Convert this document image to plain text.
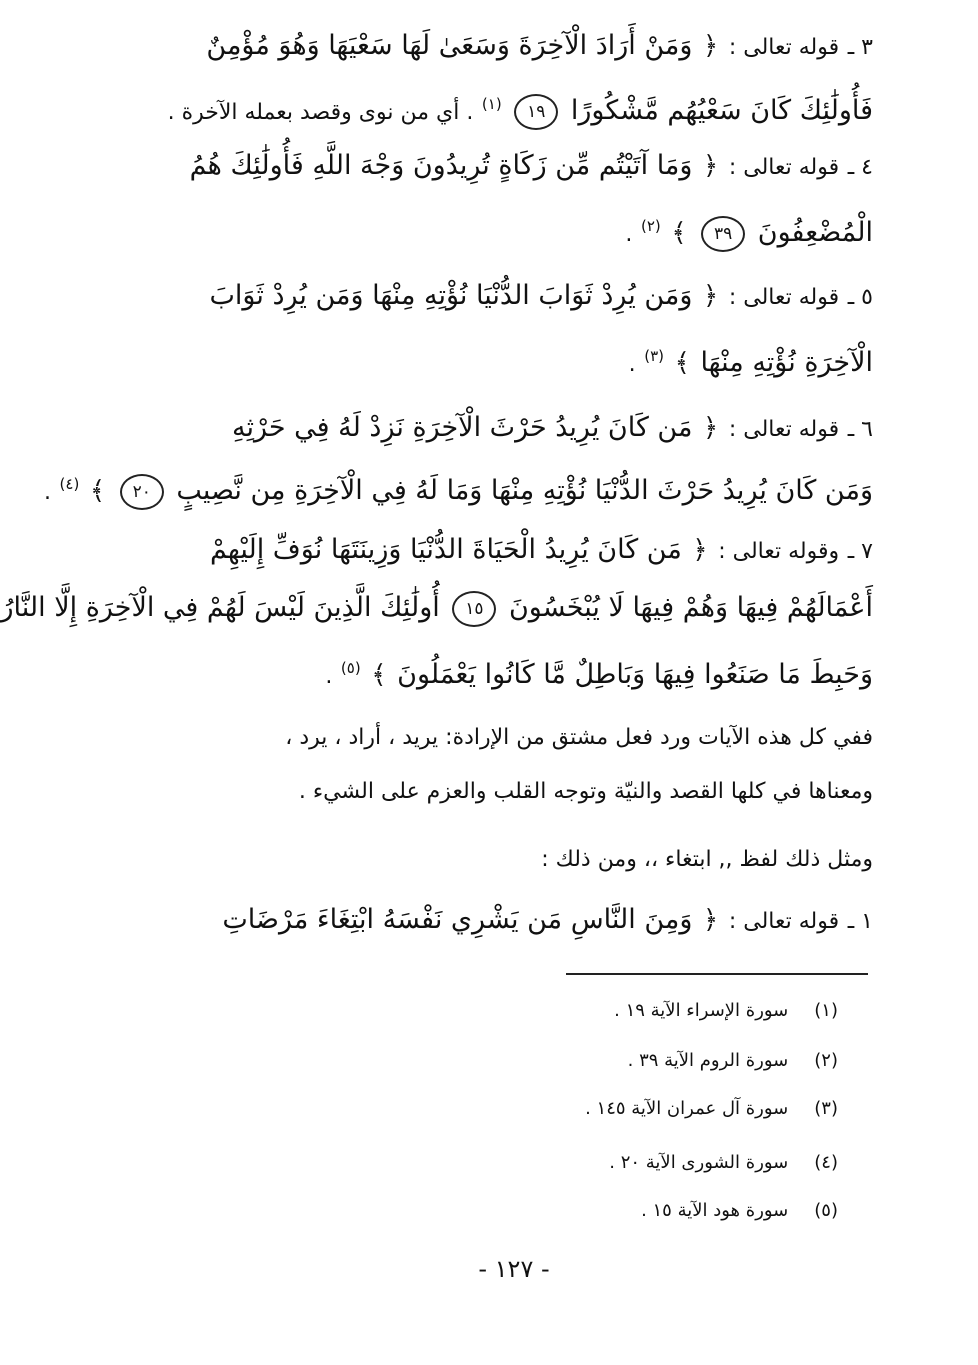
٣ ـ قوله تعالى : ﴿ وَمَنْ أَرَادَ الْآخِرَةَ وَسَعَىٰ لَهَا سَعْيَهَا وَهُوَ مُؤْمِنٌ
فَأُولَٰئِكَ كَانَ سَعْيُهُم مَّشْكُورًا ١٩ $^{(١)}$ . أي من نوى وقصد بعمله الآخرة .
٤ ـ قوله تعالى : ﴿ وَمَا آتَيْتُم مِّن زَكَاةٍ تُرِيدُونَ وَجْهَ اللَّهِ فَأُولَٰئِكَ هُمُ
الْمُضْعِفُونَ ٣٩ ﴾ $^{(٢)}$ .
٥ ـ قوله تعالى : ﴿ وَمَن يُرِدْ ثَوَابَ الدُّنْيَا نُؤْتِهِ مِنْهَا وَمَن يُرِدْ ثَوَابَ
الْآخِرَةِ نُؤْتِهِ مِنْهَا ﴾ $^{(٣)}$ .
٦ ـ قوله تعالى : ﴿ مَن كَانَ يُرِيدُ حَرْثَ الْآخِرَةِ نَزِدْ لَهُ فِي حَرْثِهِ
وَمَن كَانَ يُرِيدُ حَرْثَ الدُّنْيَا نُؤْتِهِ مِنْهَا وَمَا لَهُ فِي الْآخِرَةِ مِن نَّصِيبٍ ٢٠ ﴾ $^{(٤)}$ .
٧ ـ وقوله تعالى : ﴿ مَن كَانَ يُرِيدُ الْحَيَاةَ الدُّنْيَا وَزِينَتَهَا نُوَفِّ إِلَيْهِمْ
أَعْمَالَهُمْ فِيهَا وَهُمْ فِيهَا لَا يُبْخَسُونَ ١٥ أُولَٰئِكَ الَّذِينَ لَيْسَ لَهُمْ فِي الْآخِرَةِ إِلَّا النَّارُ
وَحَبِطَ مَا صَنَعُوا فِيهَا وَبَاطِلٌ مَّا كَانُوا يَعْمَلُونَ ﴾ $^{(٥)}$ .
ففي كل هذه الآيات ورد فعل مشتق من الإرادة: يريد ، أراد ، يرد ،
ومعناها في كلها القصد والنيّة وتوجه القلب والعزم على الشيء .
ومثل ذلك لفظ ,, ابتغاء ،، ومن ذلك :
١ ـ قوله تعالى : ﴿ وَمِنَ النَّاسِ مَن يَشْرِي نَفْسَهُ ابْتِغَاءَ مَرْضَاتِ
(١) سورة الإسراء الآية ١٩ .
(٢) سورة الروم الآية ٣٩ .
(٣) سورة آل عمران الآية ١٤٥ .
(٤) سورة الشورى الآية ٢٠ .
(٥) سورة هود الآية ١٥ .
- ١٢٧ -
